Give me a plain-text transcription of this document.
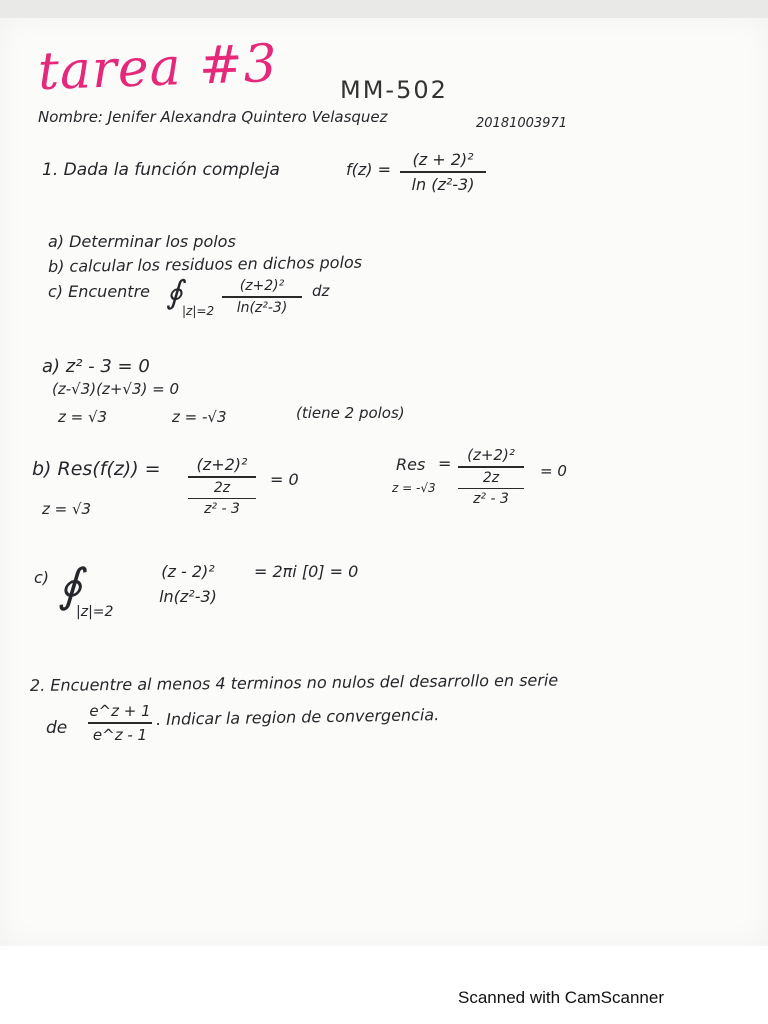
tarea #3	MM-502
Nombre: Jenifer Alexandra Quintero Velasquez	20181003971
1. Dada la función compleja	f(z) =
(z + 2)²
ln (z²-3)
a) Determinar los polos
b) calcular los residuos en dichos polos
c) Encuentre ∮ |z|=2
(z+2)²
ln(z²-3)
dz
a) z² - 3 = 0
(z-√3)(z+√3) = 0
z = √3	z = -√3	(tiene 2 polos)
b) Res(f(z)) =	(z+2)²
2z
z² - 3
= 0
z = √3
Res
z = -√3
=	(z+2)²
2z
z² - 3
= 0
c) ∮
|z|=2
(z - 2)²
ln(z²-3)
= 2πi [0] = 0
2. Encuentre al menos 4 terminos no nulos del desarrollo en serie
de
e^z + 1
e^z - 1
. Indicar la region de convergencia.
Scanned with CamScanner
